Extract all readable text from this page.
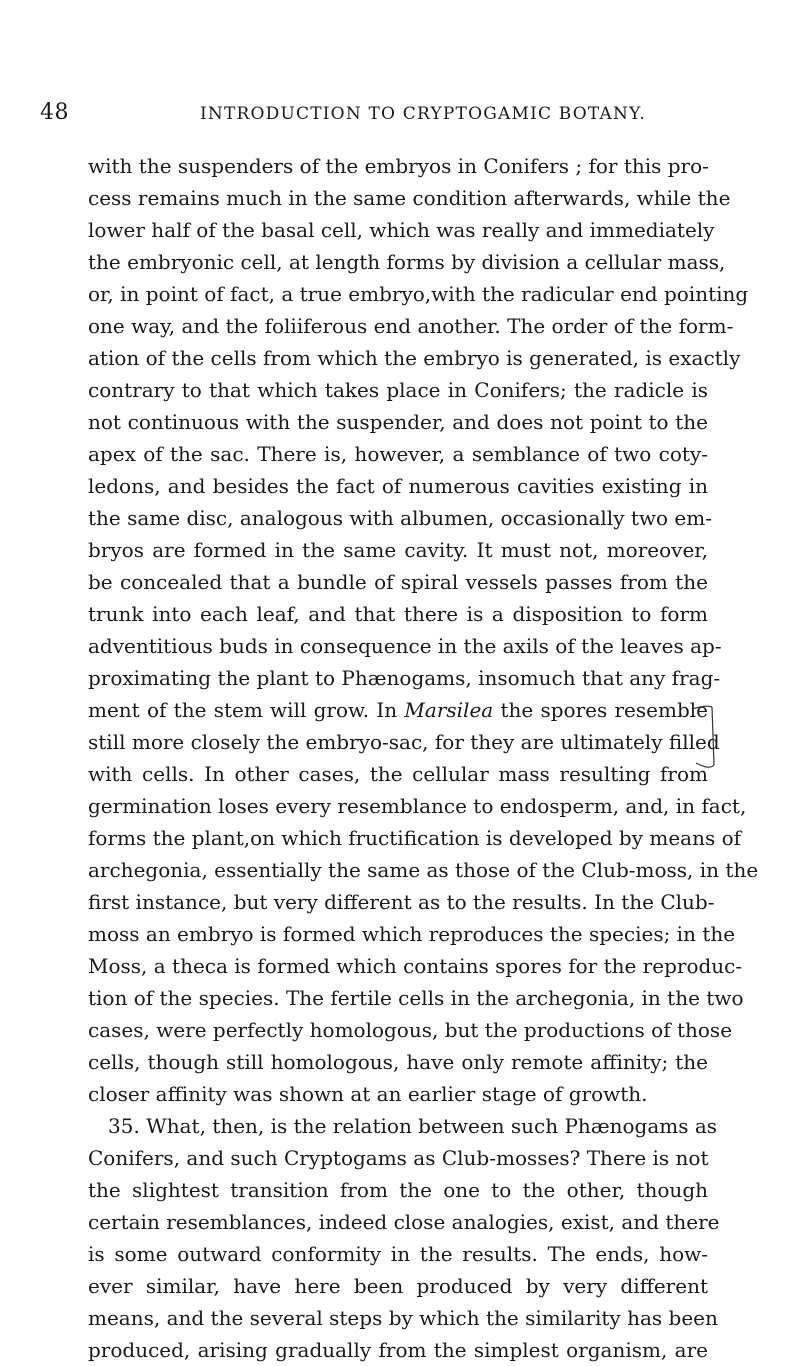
48	INTRODUCTION TO CRYPTOGAMIC BOTANY.
with the suspenders of the embryos in Conifers ; for this pro-
cess remains much in the same condition afterwards, while the
lower half of the basal cell, which was really and immediately
the embryonic cell, at length forms by division a cellular mass,
or, in point of fact, a true embryo,with the radicular end pointing
one way, and the foliiferous end another. The order of the form-
ation of the cells from which the embryo is generated, is exactly
contrary to that which takes place in Conifers; the radicle is
not continuous with the suspender, and does not point to the
apex of the sac. There is, however, a semblance of two coty-
ledons, and besides the fact of numerous cavities existing in
the same disc, analogous with albumen, occasionally two em-
bryos are formed in the same cavity. It must not, moreover,
be concealed that a bundle of spiral vessels passes from the
trunk into each leaf, and that there is a disposition to form
adventitious buds in consequence in the axils of the leaves ap-
proximating the plant to Phænogams, insomuch that any frag-
ment of the stem will grow. In Marsilea the spores resemble
still more closely the embryo-sac, for they are ultimately filled
with cells. In other cases, the cellular mass resulting from
germination loses every resemblance to endosperm, and, in fact,
forms the plant,on which fructification is developed by means of
archegonia, essentially the same as those of the Club-moss, in the
first instance, but very different as to the results. In the Club-
moss an embryo is formed which reproduces the species; in the
Moss, a theca is formed which contains spores for the reproduc-
tion of the species. The fertile cells in the archegonia, in the two
cases, were perfectly homologous, but the productions of those
cells, though still homologous, have only remote affinity; the
closer affinity was shown at an earlier stage of growth.
35. What, then, is the relation between such Phænogams as
Conifers, and such Cryptogams as Club-mosses? There is not
the slightest transition from the one to the other, though
certain resemblances, indeed close analogies, exist, and there
is some outward conformity in the results. The ends, how-
ever similar, have here been produced by very different
means, and the several steps by which the similarity has been
produced, arising gradually from the simplest organism, are
